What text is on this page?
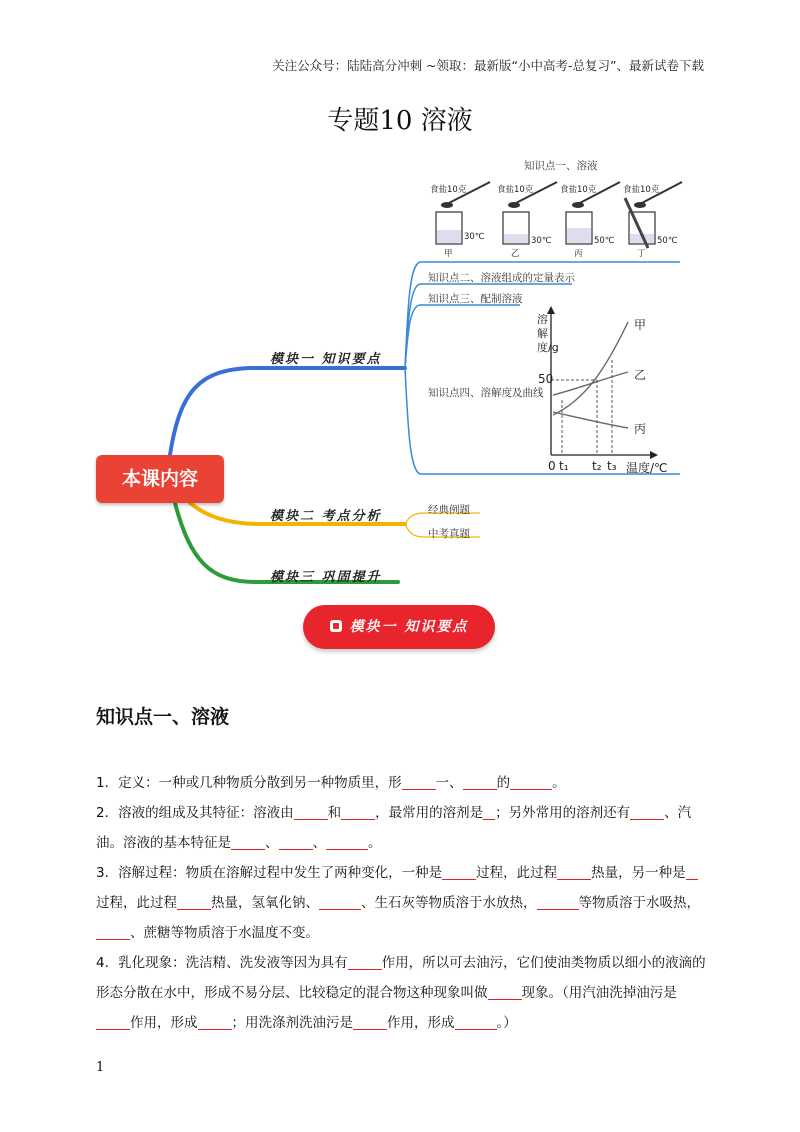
关注公众号：陆陆高分冲刺 ~领取：最新版“小中高考-总复习”、最新试卷下载
专题10 溶液
本课内容
模块一 知识要点
模块二 考点分析
模块三 巩固提升
知识点一、溶液
知识点二、溶液组成的定量表示
知识点三、配制溶液
知识点四、溶解度及曲线
经典例题
中考真题
食盐10克	食盐10克	食盐10克	食盐10克
30℃	30℃	50℃	50℃
甲	乙	丙	丁
溶解度/g
50
0 t₁ t₂ t₃ 温度/℃
甲
乙
丙
模块一 知识要点
知识点一、溶液

1．定义：一种或几种物质分散到另一种物质里，形	一、	的	。

2．溶液的组成及其特征：溶液由	和	，最常用的溶剂是 ；另外常用的溶剂还有	、汽油。溶液的基本特征是	、	、	。

3．溶解过程：物质在溶解过程中发生了两种变化，一种是	过程，此过程	热量，另一种是过程，此过程	热量，氢氧化钠、	、生石灰等物质溶于水放热，	等物质溶于水吸热，、蔗糖等物质溶于水温度不变。

4．乳化现象：洗洁精、洗发液等因为具有	作用，所以可去油污，它们使油类物质以细小的液滴的形态分散在水中，形成不易分层、比较稳定的混合物这种现象叫做	现象。（用汽油洗掉油污是作用，形成	；用洗涤剂洗油污是	作用，形成	。）

1
